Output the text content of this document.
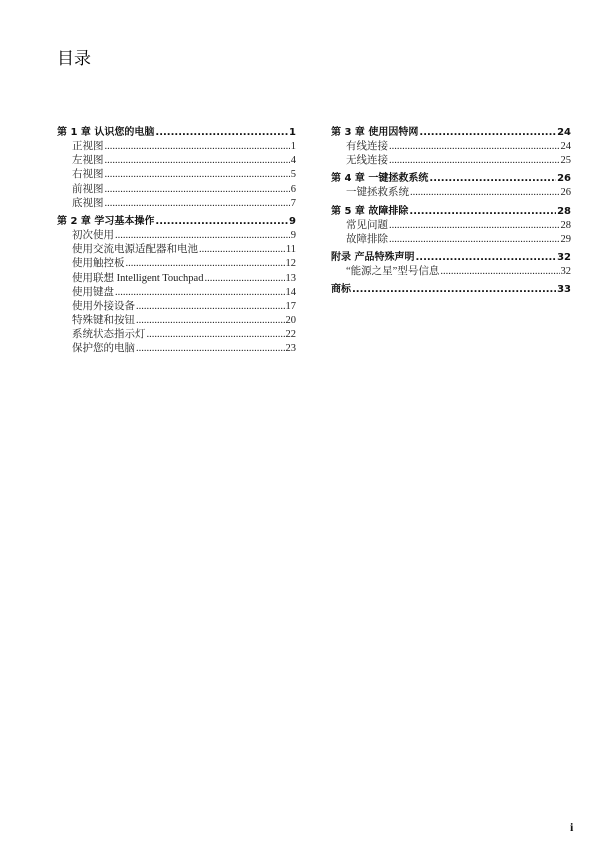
目录
第 1 章 认识您的电脑 .....	1
正视图 .....	1
左视图 .....	4
右视图 .....	5
前视图 .....	6
底视图 .....	7
第 2 章 学习基本操作 .....	9
初次使用 .....	9
使用交流电源适配器和电池 .....	11
使用触控板 .....	12
使用联想 Intelligent Touchpad .....	13
使用键盘 .....	14
使用外接设备 .....	17
特殊键和按钮 .....	20
系统状态指示灯 .....	22
保护您的电脑 .....	23
第 3 章 使用因特网 .....	24
有线连接 .....	24
无线连接 .....	25
第 4 章 一键拯救系统 .....	26
一键拯救系统 .....	26
第 5 章 故障排除 .....	28
常见问题 .....	28
故障排除 .....	29
附录 产品特殊声明 .....	32
“能源之星”型号信息 .....	32
商标 .....	33
i
